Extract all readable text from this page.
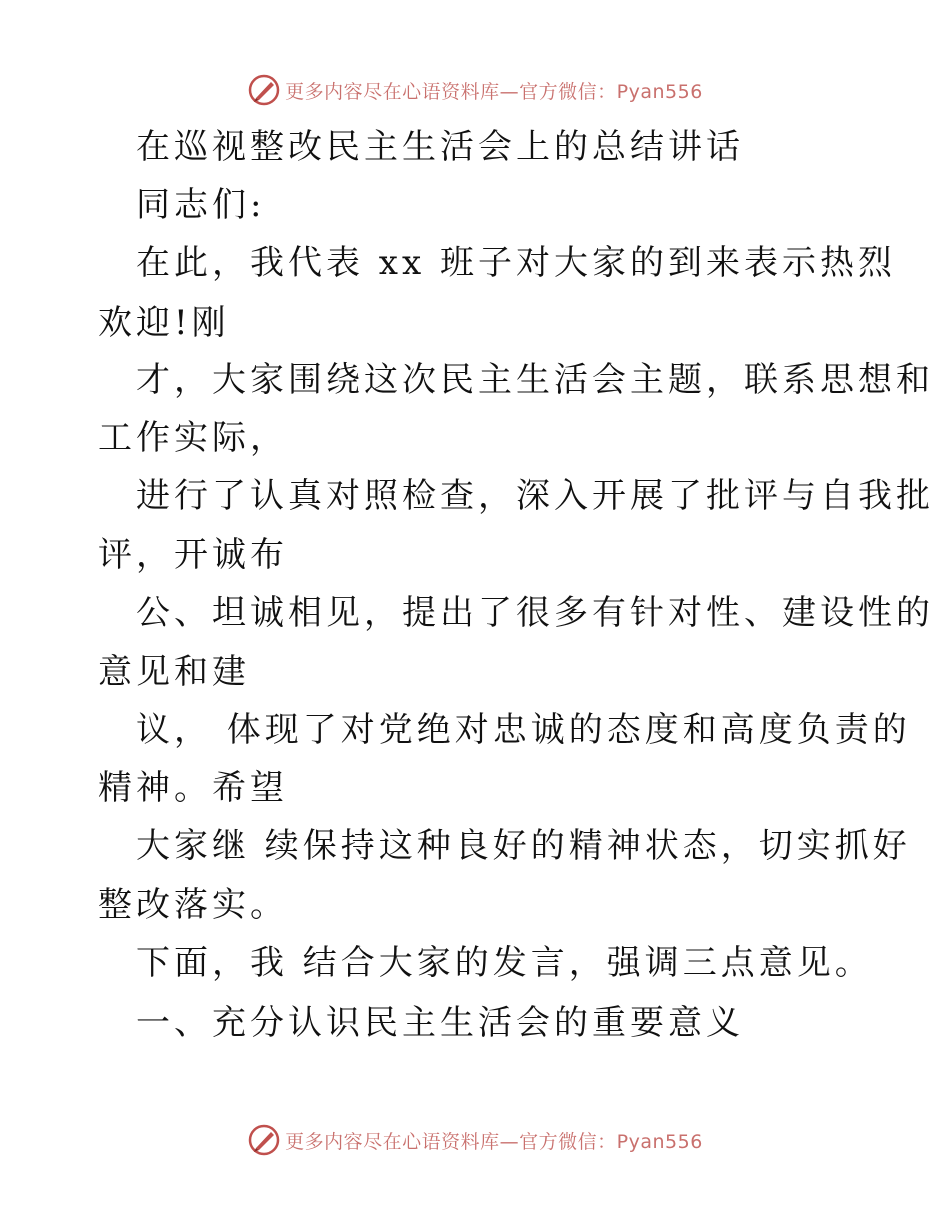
更多内容尽在心语资料库—官方微信：Pyan556
在巡视整改民主生活会上的总结讲话
同志们:
在此，我代表 xx 班子对大家的到来表示热烈
欢迎!刚
才，大家围绕这次民主生活会主题，联系思想和
工作实际，
进行了认真对照检查，深入开展了批评与自我批
评，开诚布
公、坦诚相见，提出了很多有针对性、建设性的
意见和建
议， 体现了对党绝对忠诚的态度和高度负责的
精神。希望
大家继 续保持这种良好的精神状态，切实抓好
整改落实。
下面，我 结合大家的发言，强调三点意见。
一、充分认识民主生活会的重要意义
更多内容尽在心语资料库—官方微信：Pyan556
